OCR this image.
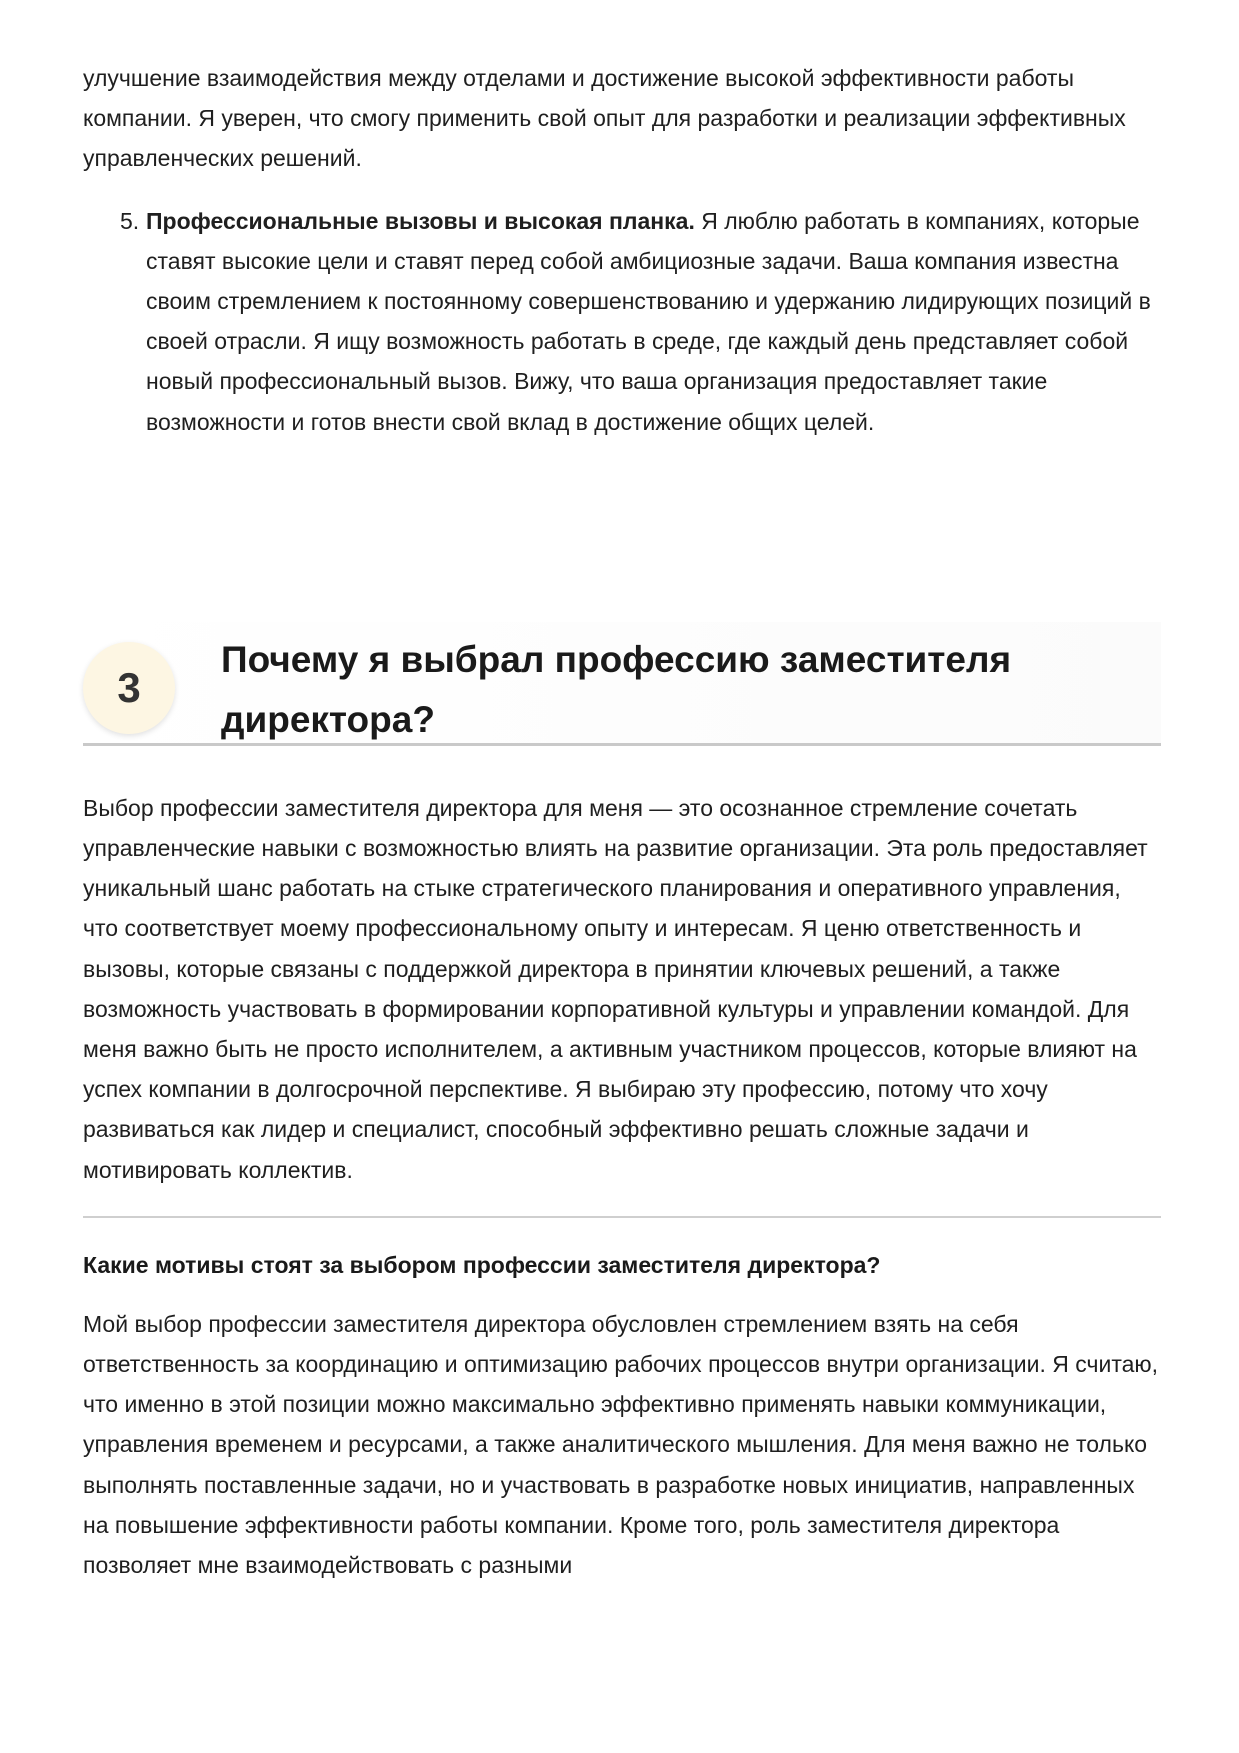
улучшение взаимодействия между отделами и достижение высокой эффективности работы компании. Я уверен, что смогу применить свой опыт для разработки и реализации эффективных управленческих решений.

5. Профессиональные вызовы и высокая планка. Я люблю работать в компаниях, которые ставят высокие цели и ставят перед собой амбициозные задачи. Ваша компания известна своим стремлением к постоянному совершенствованию и удержанию лидирующих позиций в своей отрасли. Я ищу возможность работать в среде, где каждый день представляет собой новый профессиональный вызов. Вижу, что ваша организация предоставляет такие возможности и готов внести свой вклад в достижение общих целей.
3
Почему я выбрал профессию заместителя директора?

Выбор профессии заместителя директора для меня — это осознанное стремление сочетать управленческие навыки с возможностью влиять на развитие организации. Эта роль предоставляет уникальный шанс работать на стыке стратегического планирования и оперативного управления, что соответствует моему профессиональному опыту и интересам. Я ценю ответственность и вызовы, которые связаны с поддержкой директора в принятии ключевых решений, а также возможность участвовать в формировании корпоративной культуры и управлении командой. Для меня важно быть не просто исполнителем, а активным участником процессов, которые влияют на успех компании в долгосрочной перспективе. Я выбираю эту профессию, потому что хочу развиваться как лидер и специалист, способный эффективно решать сложные задачи и мотивировать коллектив.

Какие мотивы стоят за выбором профессии заместителя директора?

Мой выбор профессии заместителя директора обусловлен стремлением взять на себя ответственность за координацию и оптимизацию рабочих процессов внутри организации. Я считаю, что именно в этой позиции можно максимально эффективно применять навыки коммуникации, управления временем и ресурсами, а также аналитического мышления. Для меня важно не только выполнять поставленные задачи, но и участвовать в разработке новых инициатив, направленных на повышение эффективности работы компании. Кроме того, роль заместителя директора позволяет мне взаимодействовать с разными
